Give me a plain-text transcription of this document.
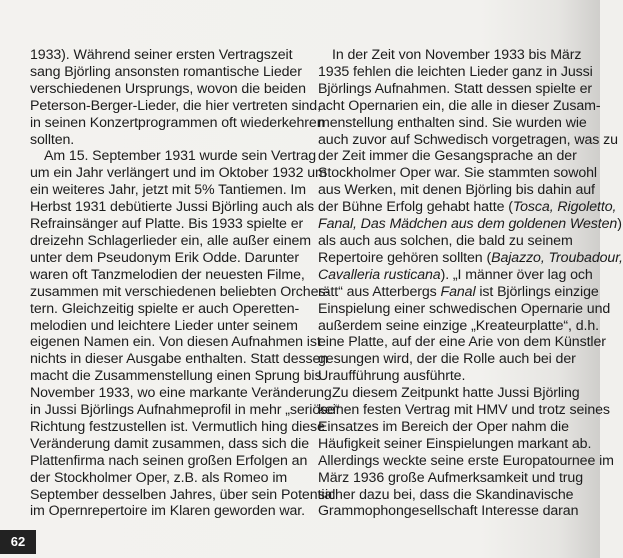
1933). Während seiner ersten Vertragszeit
sang Björling ansonsten romantische Lieder
verschiedenen Ursprungs, wovon die beiden
Peterson-Berger-Lieder, die hier vertreten sind,
in seinen Konzertprogrammen oft wiederkehren
sollten.

Am 15. September 1931 wurde sein Vertrag
um ein Jahr verlängert und im Oktober 1932 um
ein weiteres Jahr, jetzt mit 5% Tantiemen. Im
Herbst 1931 debütierte Jussi Björling auch als
Refrainsänger auf Platte. Bis 1933 spielte er
dreizehn Schlagerlieder ein, alle außer einem
unter dem Pseudonym Erik Odde. Darunter
waren oft Tanzmelodien der neuesten Filme,
zusammen mit verschiedenen beliebten Orches-
tern. Gleichzeitig spielte er auch Operetten-
melodien und leichtere Lieder unter seinem
eigenen Namen ein. Von diesen Aufnahmen ist
nichts in dieser Ausgabe enthalten. Statt dessen
macht die Zusammenstellung einen Sprung bis
November 1933, wo eine markante Veränderung
in Jussi Björlings Aufnahmeprofil in mehr „seriöse“
Richtung festzustellen ist. Vermutlich hing diese
Veränderung damit zusammen, dass sich die
Plattenfirma nach seinen großen Erfolgen an
der Stockholmer Oper, z.B. als Romeo im
September desselben Jahres, über sein Potential
im Opernrepertoire im Klaren geworden war.

In der Zeit von November 1933 bis März
1935 fehlen die leichten Lieder ganz in Jussi
Björlings Aufnahmen. Statt dessen spielte er
acht Opernarien ein, die alle in dieser Zusam-
menstellung enthalten sind. Sie wurden wie
auch zuvor auf Schwedisch vorgetragen, was zu
der Zeit immer die Gesangsprache an der
Stockholmer Oper war. Sie stammten sowohl
aus Werken, mit denen Björling bis dahin auf
der Bühne Erfolg gehabt hatte (Tosca, Rigoletto,
Fanal, Das Mädchen aus dem goldenen Westen)
als auch aus solchen, die bald zu seinem
Repertoire gehören sollten (Bajazzo, Troubadour,
Cavalleria rusticana). „I männer över lag och
rätt“ aus Atterbergs Fanal ist Björlings einzige
Einspielung einer schwedischen Opernarie und
außerdem seine einzige „Kreateurplatte“, d.h.
eine Platte, auf der eine Arie von dem Künstler
gesungen wird, der die Rolle auch bei der
Uraufführung ausführte.

Zu diesem Zeitpunkt hatte Jussi Björling
keinen festen Vertrag mit HMV und trotz seines
Einsatzes im Bereich der Oper nahm die
Häufigkeit seiner Einspielungen markant ab.
Allerdings weckte seine erste Europatournee im
März 1936 große Aufmerksamkeit und trug
sicher dazu bei, dass die Skandinavische
Grammophongesellschaft Interesse daran

62
